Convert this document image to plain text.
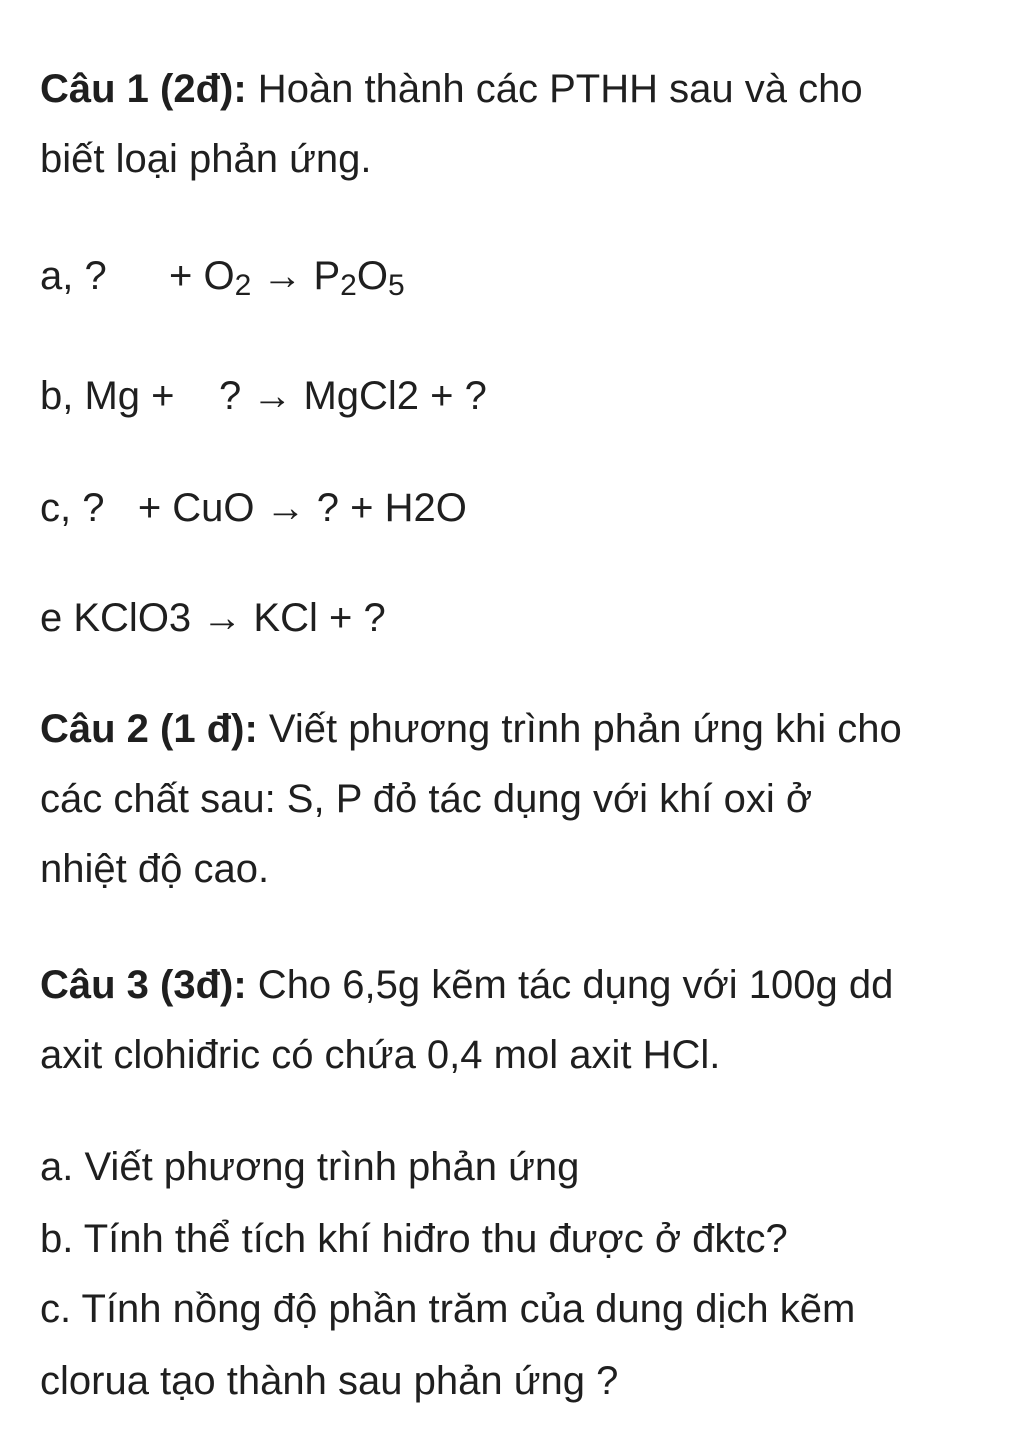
Câu 1 (2đ): Hoàn thành các PTHH sau và cho
biết loại phản ứng.
a, ? + $O_2 \to P_2O_5$
b, Mg +    ? → MgCl2 + ?
c, ?   + CuO → ? + H2O
e KClO3 → KCl + ?
Câu 2 (1 đ): Viết phương trình phản ứng khi cho
các chất sau: S, P đỏ tác dụng với khí oxi ở
nhiệt độ cao.
Câu 3 (3đ): Cho 6,5g kẽm tác dụng với 100g dd
axit clohiđric có chứa 0,4 mol axit HCl.
a. Viết phương trình phản ứng
b. Tính thể tích khí hiđro thu được ở đktc?
c. Tính nồng độ phần trăm của dung dịch kẽm
clorua tạo thành sau phản ứng ?
